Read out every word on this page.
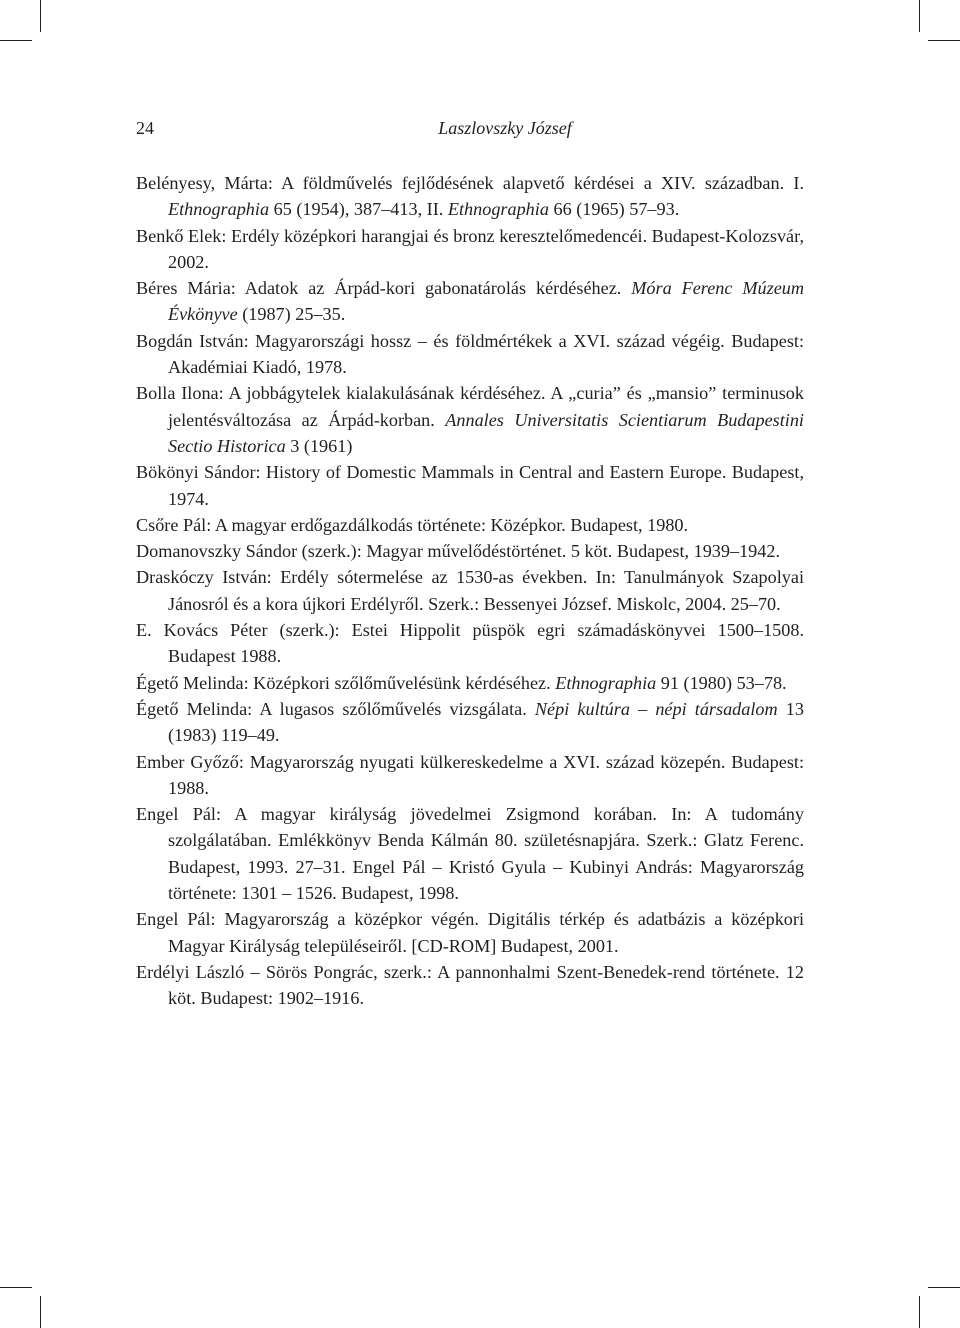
24	Laszlovszky József
Belényesy, Márta: A földművelés fejlődésének alapvető kérdései a XIV. században. I. Ethnographia 65 (1954), 387–413, II. Ethnographia 66 (1965) 57–93.
Benkő Elek: Erdély középkori harangjai és bronz keresztelőmedencéi. Budapest-Kolozsvár, 2002.
Béres Mária: Adatok az Árpád-kori gabonatárolás kérdéséhez. Móra Ferenc Múzeum Évkönyve (1987) 25–35.
Bogdán István: Magyarországi hossz – és földmértékek a XVI. század végéig. Budapest: Akadémiai Kiadó, 1978.
Bolla Ilona: A jobbágytelek kialakulásának kérdéséhez. A „curia” és „mansio” terminusok jelentésváltozása az Árpád-korban. Annales Universitatis Scientiarum Budapestini Sectio Historica 3 (1961)
Bökönyi Sándor: History of Domestic Mammals in Central and Eastern Europe. Budapest, 1974.
Csőre Pál: A magyar erdőgazdálkodás története: Középkor. Budapest, 1980.
Domanovszky Sándor (szerk.): Magyar művelődéstörténet. 5 köt. Budapest, 1939–1942.
Draskóczy István: Erdély sótermelése az 1530-as években. In: Tanulmányok Szapolyai Jánosról és a kora újkori Erdélyről. Szerk.: Bessenyei József. Miskolc, 2004. 25–70.
E. Kovács Péter (szerk.): Estei Hippolit püspök egri számadáskönyvei 1500–1508. Budapest 1988.
Égető Melinda: Középkori szőlőművelésünk kérdéséhez. Ethnographia 91 (1980) 53–78.
Égető Melinda: A lugasos szőlőművelés vizsgálata. Népi kultúra – népi társadalom 13 (1983) 119–49.
Ember Győző: Magyarország nyugati külkereskedelme a XVI. század közepén. Budapest: 1988.
Engel Pál: A magyar királyság jövedelmei Zsigmond korában. In: A tudomány szolgálatában. Emlékkönyv Benda Kálmán 80. születésnapjára. Szerk.: Glatz Ferenc. Budapest, 1993. 27–31. Engel Pál – Kristó Gyula – Kubinyi András: Magyarország története: 1301 – 1526. Budapest, 1998.
Engel Pál: Magyarország a középkor végén. Digitális térkép és adatbázis a középkori Magyar Királyság településeiről. [CD-ROM] Budapest, 2001.
Erdélyi László – Sörös Pongrác, szerk.: A pannonhalmi Szent-Benedek-rend története. 12 köt. Budapest: 1902–1916.
